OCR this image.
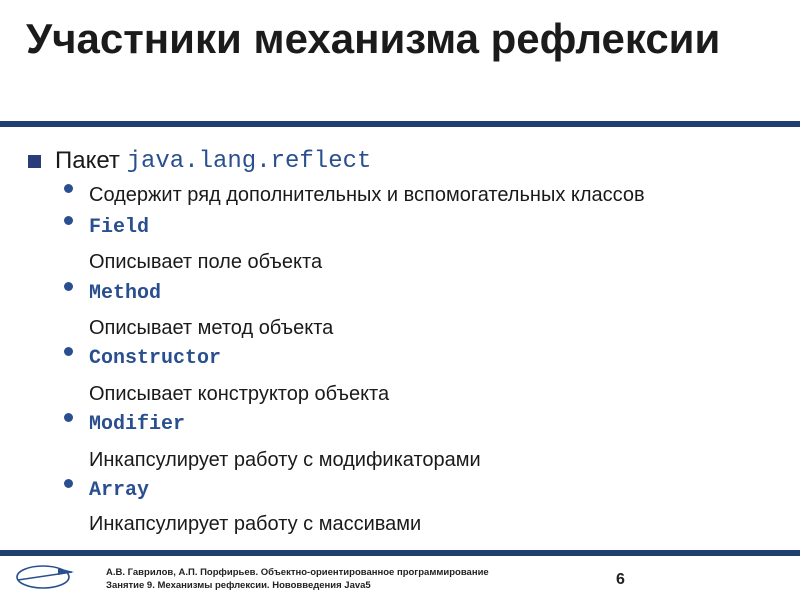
Участники механизма рефлексии
Пакет java.lang.reflect
Содержит ряд дополнительных и вспомогательных классов
Field
Описывает поле объекта
Method
Описывает метод объекта
Constructor
Описывает конструктор объекта
Modifier
Инкапсулирует работу с модификаторами
Array
Инкапсулирует работу с массивами
А.В. Гаврилов, А.П. Порфирьев. Объектно-ориентированное программирование
Занятие 9. Механизмы рефлексии. Нововведения Java5	6
